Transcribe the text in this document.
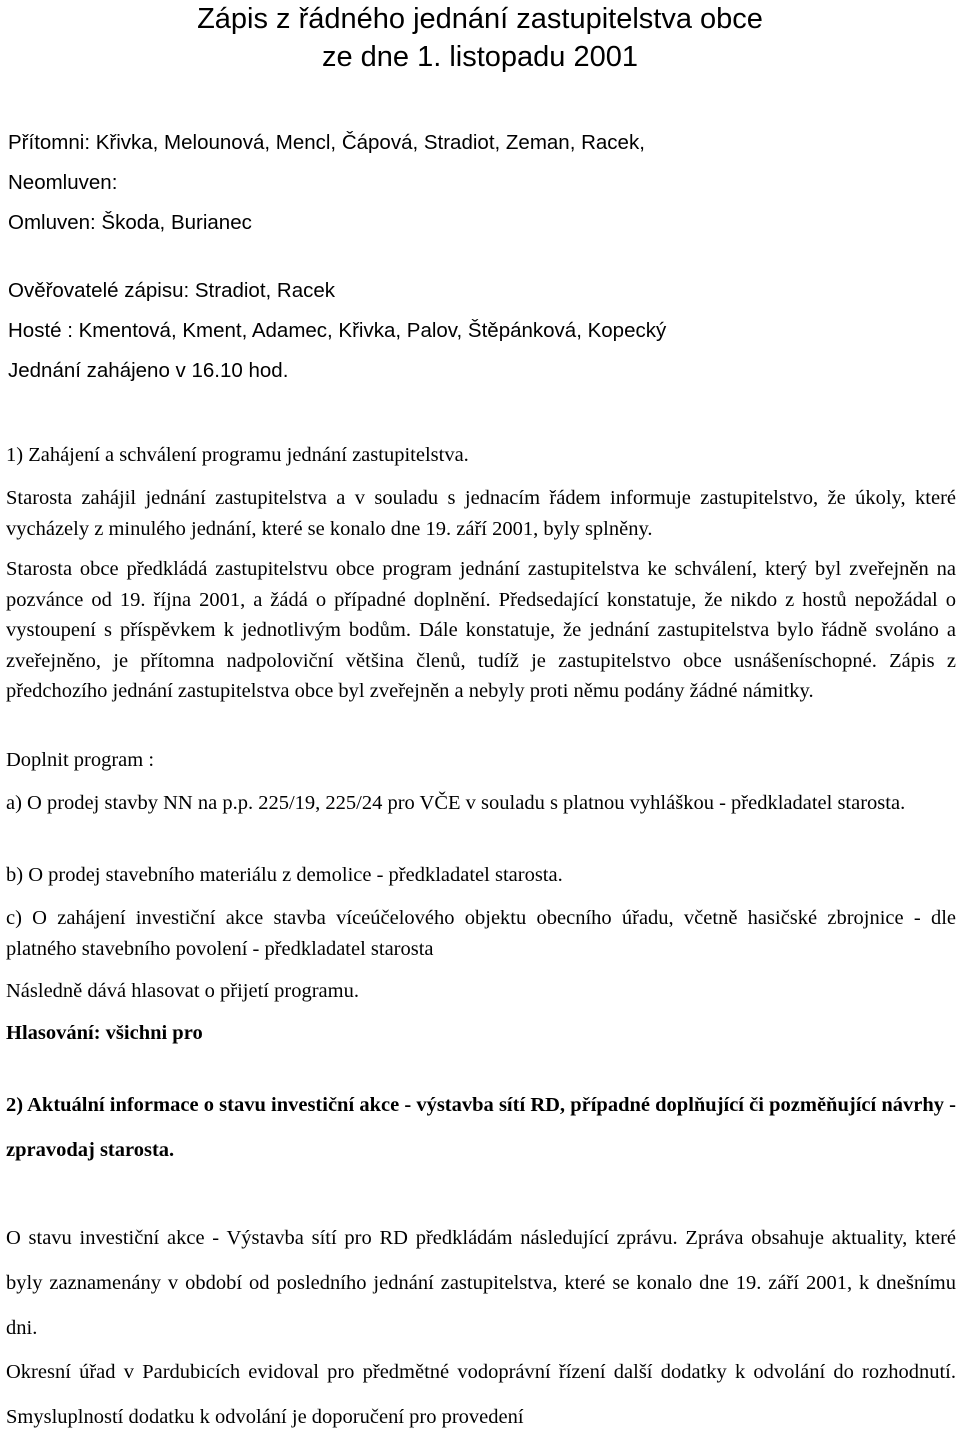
Zápis z řádného jednání zastupitelstva obce
ze dne 1. listopadu 2001

Přítomni: Křivka, Melounová, Mencl, Čápová, Stradiot, Zeman, Racek,

Neomluven:

Omluven: Škoda, Burianec

Ověřovatelé zápisu: Stradiot, Racek

Hosté : Kmentová, Kment, Adamec, Křivka, Palov, Štěpánková, Kopecký

Jednání zahájeno v 16.10 hod.

1) Zahájení a schválení programu jednání zastupitelstva.

Starosta zahájil jednání zastupitelstva a v souladu s jednacím řádem informuje zastupitelstvo, že úkoly, které vycházely z minulého jednání, které se konalo dne 19. září 2001, byly splněny.

Starosta obce předkládá zastupitelstvu obce program jednání zastupitelstva ke schválení, který byl zveřejněn na pozvánce od 19. října 2001, a žádá o případné doplnění. Předsedající konstatuje, že nikdo z hostů nepožádal o vystoupení s příspěvkem k jednotlivým bodům. Dále konstatuje, že jednání zastupitelstva bylo řádně svoláno a zveřejněno, je přítomna nadpoloviční většina členů, tudíž je zastupitelstvo obce usnášeníschopné. Zápis z předchozího jednání zastupitelstva obce byl zveřejněn a nebyly proti němu podány žádné námitky.

Doplnit program :

a) O prodej stavby NN na p.p. 225/19, 225/24 pro VČE v souladu s platnou vyhláškou - předkladatel starosta.

b) O prodej stavebního materiálu z demolice - předkladatel starosta.

c) O zahájení investiční akce stavba víceúčelového objektu obecního úřadu, včetně hasičské zbrojnice - dle platného stavebního povolení - předkladatel starosta

Následně dává hlasovat o přijetí programu.

Hlasování: všichni pro

2) Aktuální informace o stavu investiční akce - výstavba sítí RD, případné doplňující či pozměňující návrhy - zpravodaj starosta.

O stavu investiční akce - Výstavba sítí pro RD předkládám následující zprávu. Zpráva obsahuje aktuality, které byly zaznamenány v období od posledního jednání zastupitelstva, které se konalo dne 19. září 2001, k dnešnímu dni.

Okresní úřad v Pardubicích evidoval pro předmětné vodoprávní řízení další dodatky k odvolání do rozhodnutí. Smysluplností dodatku k odvolání je doporučení pro provedení
